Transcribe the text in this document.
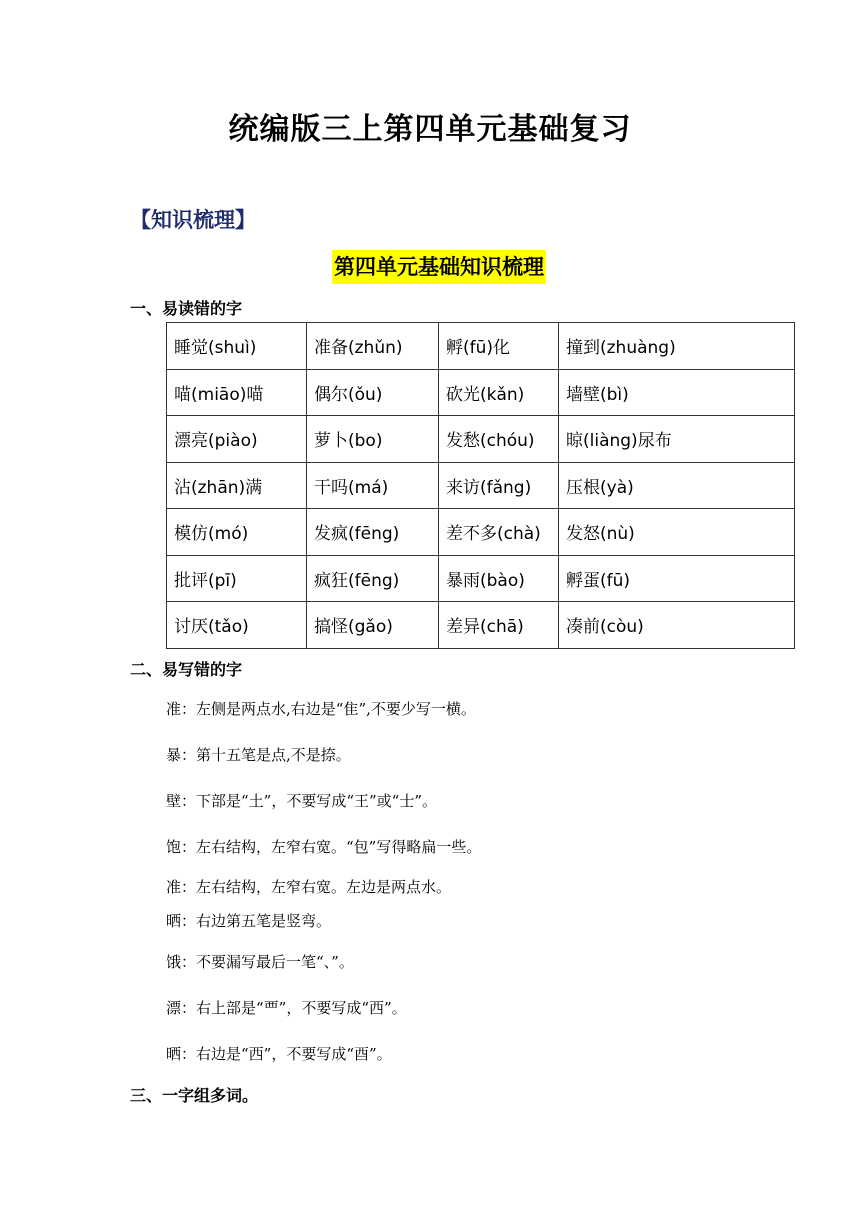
统编版三上第四单元基础复习
【知识梳理】
第四单元基础知识梳理
一、易读错的字
睡觉(shuì)	准备(zhǔn)	孵(fū)化	撞到(zhuàng)
喵(miāo)喵	偶尔(ǒu)	砍光(kǎn)	墙壁(bì)
漂亮(piào)	萝卜(bo)	发愁(chóu)	晾(liàng)尿布
沾(zhān)满	干吗(má)	来访(fǎng)	压根(yà)
模仿(mó)	发疯(fēng)	差不多(chà)	发怒(nù)
批评(pī)	疯狂(fēng)	暴雨(bào)	孵蛋(fū)
讨厌(tǎo)	搞怪(gǎo)	差异(chā)	凑前(còu)
二、易写错的字
准：左侧是两点水,右边是“隹”,不要少写一横。
暴：第十五笔是点,不是捺。
壁：下部是“土”，不要写成“王”或“士”。
饱：左右结构，左窄右宽。“包”写得略扁一些。
准：左右结构，左窄右宽。左边是两点水。
晒：右边第五笔是竖弯。
饿：不要漏写最后一笔“、”。
漂：右上部是“覀”，不要写成“西”。
晒：右边是“西”，不要写成“酉”。
三、一字组多词。
